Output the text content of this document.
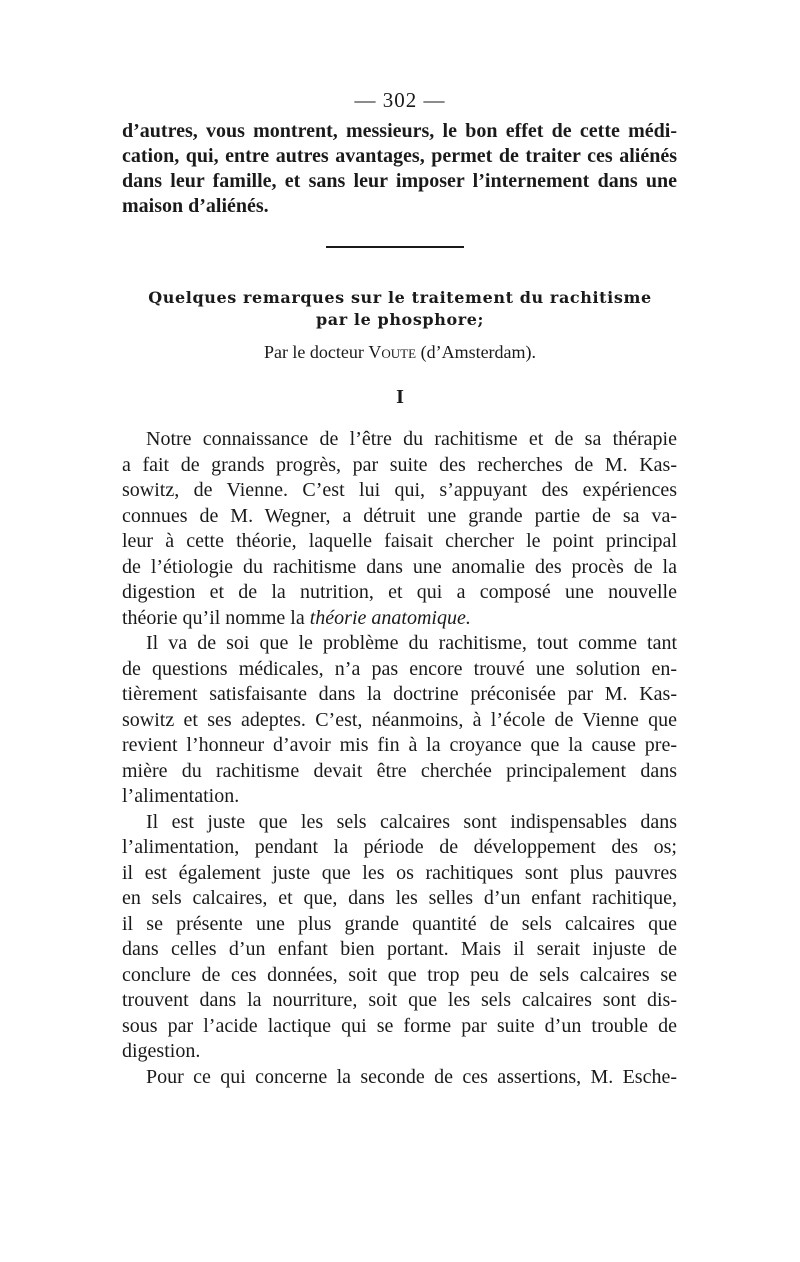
— 302 —
d’autres, vous montrent, messieurs, le bon effet de cette médi-
cation, qui, entre autres avantages, permet de traiter ces aliénés
dans leur famille, et sans leur imposer l’internement dans une
maison d’aliénés.
Quelques remarques sur le traitement du rachitisme
par le phosphore;
Par le docteur Voute (d’Amsterdam).
I
Notre connaissance de l’être du rachitisme et de sa thérapie
a fait de grands progrès, par suite des recherches de M. Kas-
sowitz, de Vienne. C’est lui qui, s’appuyant des expériences
connues de M. Wegner, a détruit une grande partie de sa va-
leur à cette théorie, laquelle faisait chercher le point principal
de l’étiologie du rachitisme dans une anomalie des procès de la
digestion et de la nutrition, et qui a composé une nouvelle
théorie qu’il nomme la théorie anatomique.
Il va de soi que le problème du rachitisme, tout comme tant
de questions médicales, n’a pas encore trouvé une solution en-
tièrement satisfaisante dans la doctrine préconisée par M. Kas-
sowitz et ses adeptes. C’est, néanmoins, à l’école de Vienne que
revient l’honneur d’avoir mis fin à la croyance que la cause pre-
mière du rachitisme devait être cherchée principalement dans
l’alimentation.
Il est juste que les sels calcaires sont indispensables dans
l’alimentation, pendant la période de développement des os;
il est également juste que les os rachitiques sont plus pauvres
en sels calcaires, et que, dans les selles d’un enfant rachitique,
il se présente une plus grande quantité de sels calcaires que
dans celles d’un enfant bien portant. Mais il serait injuste de
conclure de ces données, soit que trop peu de sels calcaires se
trouvent dans la nourriture, soit que les sels calcaires sont dis-
sous par l’acide lactique qui se forme par suite d’un trouble de
digestion.
Pour ce qui concerne la seconde de ces assertions, M. Esche-
